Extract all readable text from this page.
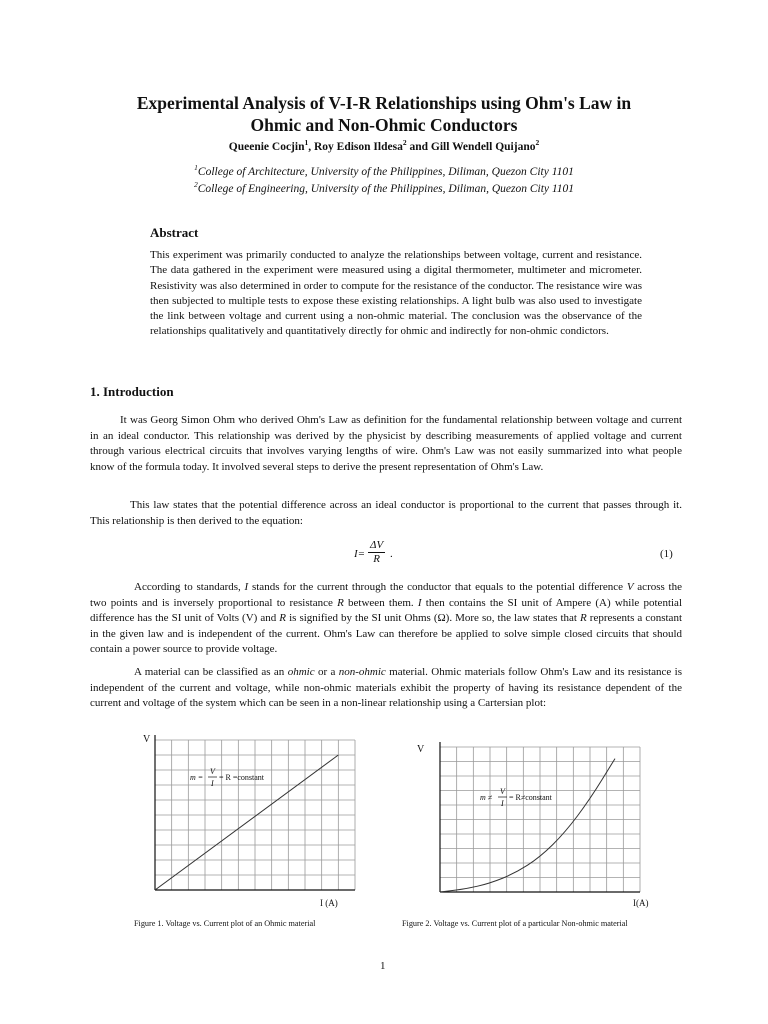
Experimental Analysis of V-I-R Relationships using Ohm's Law in
Ohmic and Non-Ohmic Conductors
Queenie Cocjin$^1$, Roy Edison Ildesa$^2$ and Gill Wendell Quijano$^2$
$^1$College of Architecture, University of the Philippines, Diliman, Quezon City 1101
$^2$College of Engineering, University of the Philippines, Diliman, Quezon City 1101
Abstract
This experiment was primarily conducted to analyze the relationships between voltage, current and resistance. The data gathered in the experiment were measured using a digital thermometer, multimeter and micrometer. Resistivity was also determined in order to compute for the resistance of the conductor. The resistance wire was then subjected to multiple tests to expose these existing relationships. A light bulb was also used to investigate the link between voltage and current using a non-ohmic material. The conclusion was the observance of the relationships qualitatively and quantitatively directly for ohmic and indirectly for non-ohmic condictors.
1. Introduction
It was Georg Simon Ohm who derived Ohm's Law as definition for the fundamental relationship between voltage and current in an ideal conductor. This relationship was derived by the physicist by describing measurements of applied voltage and current through various electrical circuits that involves varying lengths of wire. Ohm's Law was not easily summarized into what people know of the formula today. It involved several steps to derive the present representation of Ohm's Law.
This law states that the potential difference across an ideal conductor is proportional to the current that passes through it. This relationship is then derived to the equation:
$I= \frac{\Delta V}{R}$ .	(1)
According to standards, I stands for the current through the conductor that equals to the potential difference V across the two points and is inversely proportional to resistance R between them. I then contains the SI unit of Ampere (A) while potential difference has the SI unit of Volts (V) and R is signified by the SI unit Ohms (Ω). More so, the law states that R represents a constant in the given law and is independent of the current. Ohm's Law can therefore be applied to solve simple closed circuits that should contain a power source to provide voltage.
A material can be classified as an ohmic or a non-ohmic material. Ohmic materials follow Ohm's Law and its resistance is independent of the current and voltage, while non-ohmic materials exhibit the property of having its resistance dependent of the current and voltage of the system which can be seen in a non-linear relationship using a Cartersian plot:
V
I (A)
m =
V
I
= R =constant
V
I(A)
m ≠
V
I
= R≠constant
Figure 1. Voltage vs. Current plot of an Ohmic material	Figure 2. Voltage vs. Current plot of a particular Non-ohmic material
1
